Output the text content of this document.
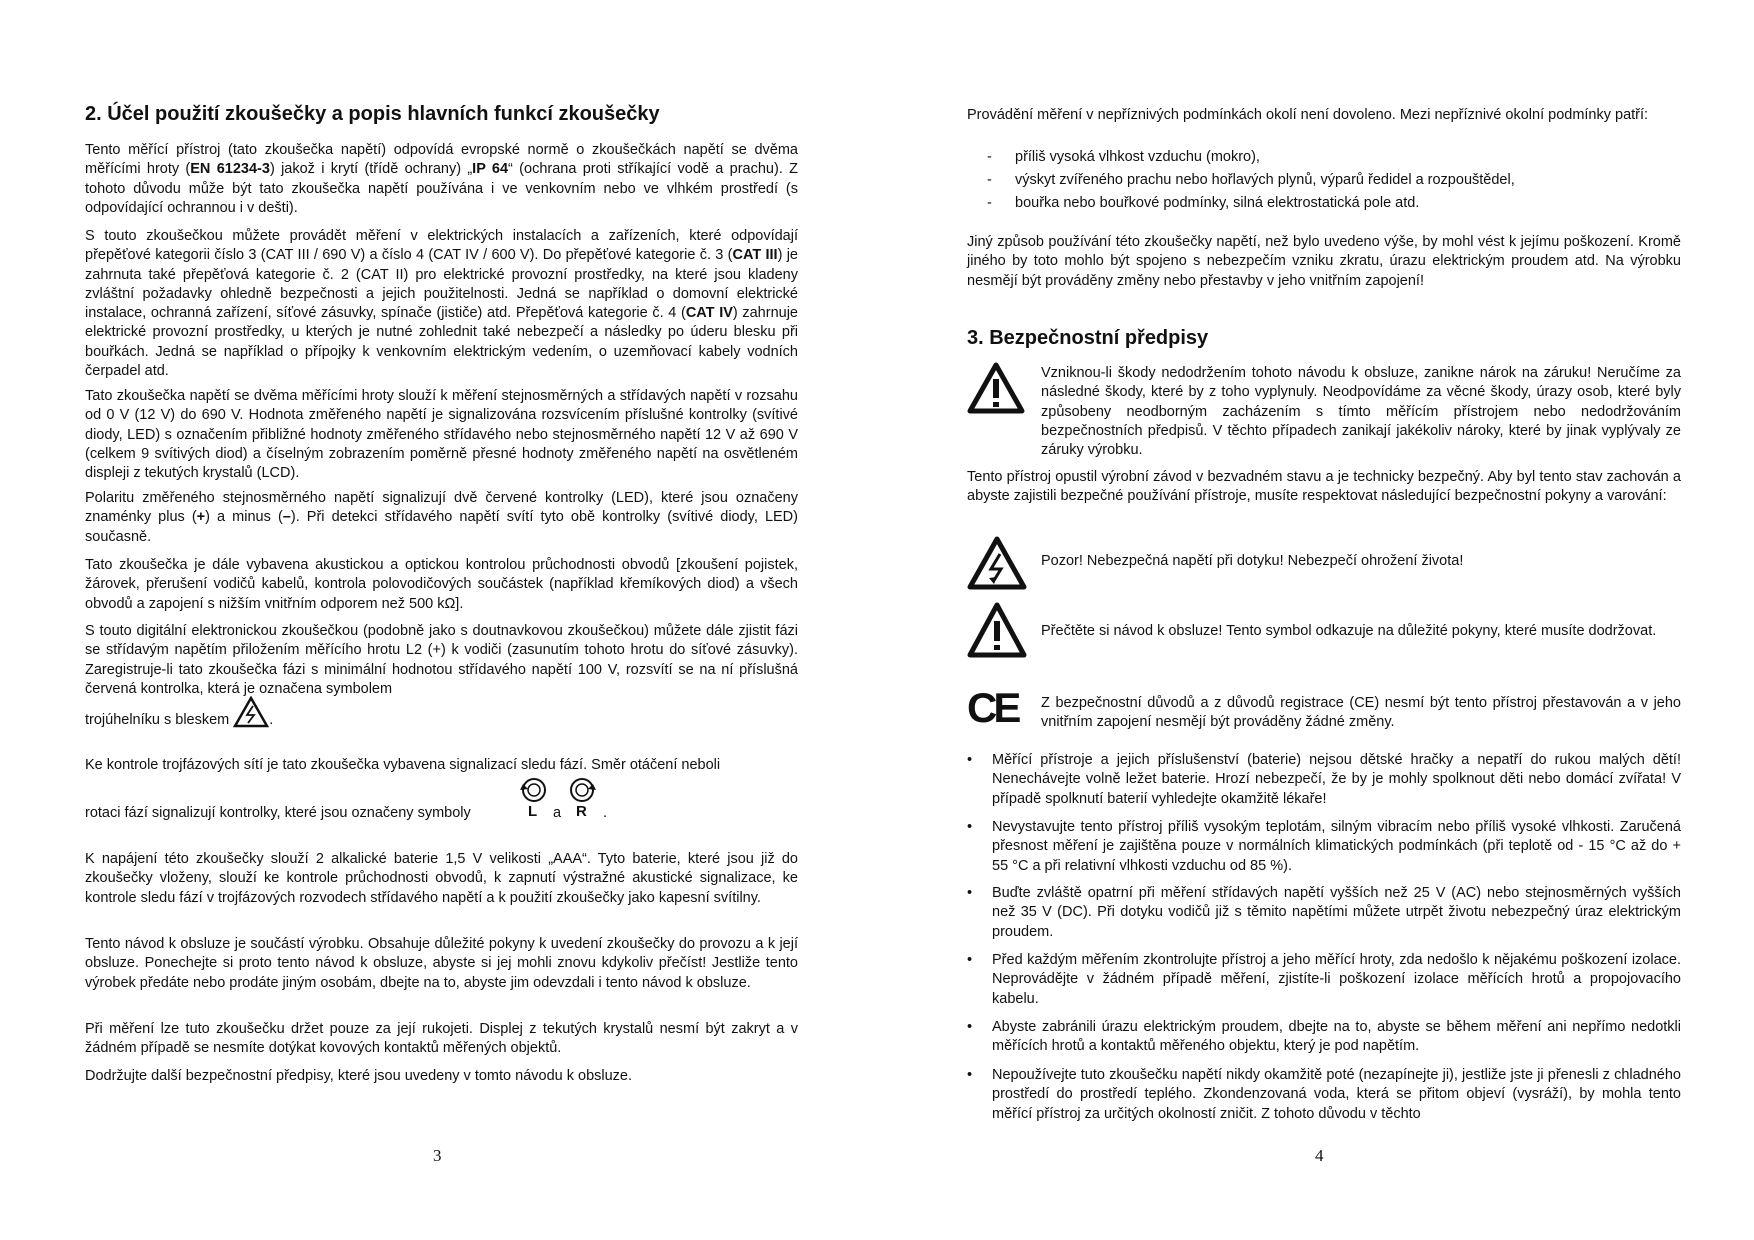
2. Účel použití zkoušečky a popis hlavních funkcí zkoušečky

Tento měřící přístroj (tato zkoušečka napětí) odpovídá evropské normě o zkoušečkách napětí se dvěma měřícími hroty (EN 61234-3) jakož i krytí (třídě ochrany) „IP 64“ (ochrana proti stříkající vodě a prachu). Z tohoto důvodu může být tato zkoušečka napětí používána i ve venkovním nebo ve vlhkém prostředí (s odpovídající ochrannou i v dešti).

S touto zkoušečkou můžete provádět měření v elektrických instalacích a zařízeních, které odpovídají přepěťové kategorii číslo 3 (CAT III / 690 V) a číslo 4 (CAT IV / 600 V). Do přepěťové kategorie č. 3 (CAT III) je zahrnuta také přepěťová kategorie č. 2 (CAT II) pro elektrické provozní prostředky, na které jsou kladeny zvláštní požadavky ohledně bezpečnosti a jejich použitelnosti. Jedná se například o domovní elektrické instalace, ochranná zařízení, síťové zásuvky, spínače (jističe) atd. Přepěťová kategorie č. 4 (CAT IV) zahrnuje elektrické provozní prostředky, u kterých je nutné zohlednit také nebezpečí a následky po úderu blesku při bouřkách. Jedná se například o přípojky k venkovním elektrickým vedením, o uzemňovací kabely vodních čerpadel atd.

Tato zkoušečka napětí se dvěma měřícími hroty slouží k měření stejnosměrných a střídavých napětí v rozsahu od 0 V (12 V) do 690 V. Hodnota změřeného napětí je signalizována rozsvícením příslušné kontrolky (svítivé diody, LED) s označením přibližné hodnoty změřeného střídavého nebo stejnosměrného napětí 12 V až 690 V (celkem 9 svítivých diod) a číselným zobrazením poměrně přesné hodnoty změřeného napětí na osvětleném displeji z tekutých krystalů (LCD).

Polaritu změřeného stejnosměrného napětí signalizují dvě červené kontrolky (LED), které jsou označeny znaménky plus (+) a minus (–). Při detekci střídavého napětí svítí tyto obě kontrolky (svítivé diody, LED) současně.

Tato zkoušečka je dále vybavena akustickou a optickou kontrolou průchodnosti obvodů [zkoušení pojistek, žárovek, přerušení vodičů kabelů, kontrola polovodičových součástek (například křemíkových diod) a všech obvodů a zapojení s nižším vnitřním odporem než 500 kΩ].

S touto digitální elektronickou zkoušečkou (podobně jako s doutnavkovou zkoušečkou) můžete dále zjistit fázi se střídavým napětím přiložením měřícího hrotu L2 (+) k vodiči (zasunutím tohoto hrotu do síťové zásuvky). Zaregistruje-li tato zkoušečka fázi s minimální hodnotou střídavého napětí 100 V, rozsvítí se na ní příslušná červená kontrolka, která je označena symbolem

trojúhelníku s bleskem	.

Ke kontrole trojfázových sítí je tato zkoušečka vybavena signalizací sledu fází. Směr otáčení neboli

rotaci fází signalizují kontrolky, které jsou označeny symboly	L a R .

K napájení této zkoušečky slouží 2 alkalické baterie 1,5 V velikosti „AAA“. Tyto baterie, které jsou již do zkoušečky vloženy, slouží ke kontrole průchodnosti obvodů, k zapnutí výstražné akustické signalizace, ke kontrole sledu fází v trojfázových rozvodech střídavého napětí a k použití zkoušečky jako kapesní svítilny.

Tento návod k obsluze je součástí výrobku. Obsahuje důležité pokyny k uvedení zkoušečky do provozu a k její obsluze. Ponechejte si proto tento návod k obsluze, abyste si jej mohli znovu kdykoliv přečíst! Jestliže tento výrobek předáte nebo prodáte jiným osobám, dbejte na to, abyste jim odevzdali i tento návod k obsluze.

Při měření lze tuto zkoušečku držet pouze za její rukojeti. Displej z tekutých krystalů nesmí být zakryt a v žádném případě se nesmíte dotýkat kovových kontaktů měřených objektů.

Dodržujte další bezpečnostní předpisy, které jsou uvedeny v tomto návodu k obsluze.

3

Provádění měření v nepříznivých podmínkách okolí není dovoleno. Mezi nepříznivé okolní podmínky patří:

- příliš vysoká vlhkost vzduchu (mokro),
- výskyt zvířeného prachu nebo hořlavých plynů, výparů ředidel a rozpouštědel,
- bouřka nebo bouřkové podmínky, silná elektrostatická pole atd.

Jiný způsob používání této zkoušečky napětí, než bylo uvedeno výše, by mohl vést k jejímu poškození. Kromě jiného by toto mohlo být spojeno s nebezpečím vzniku zkratu, úrazu elektrickým proudem atd. Na výrobku nesmějí být prováděny změny nebo přestavby v jeho vnitřním zapojení!

3. Bezpečnostní předpisy

Vzniknou-li škody nedodržením tohoto návodu k obsluze, zanikne nárok na záruku! Neručíme za následné škody, které by z toho vyplynuly. Neodpovídáme za věcné škody, úrazy osob, které byly způsobeny neodborným zacházením s tímto měřícím přístrojem nebo nedodržováním bezpečnostních předpisů. V těchto případech zanikají jakékoliv nároky, které by jinak vyplývaly ze záruky výrobku.

Tento přístroj opustil výrobní závod v bezvadném stavu a je technicky bezpečný. Aby byl tento stav zachován a abyste zajistili bezpečné používání přístroje, musíte respektovat následující bezpečnostní pokyny a varování:

Pozor! Nebezpečná napětí při dotyku! Nebezpečí ohrožení života!

Přečtěte si návod k obsluze! Tento symbol odkazuje na důležité pokyny, které musíte dodržovat.

CE Z bezpečnostní důvodů a z důvodů registrace (CE) nesmí být tento přístroj přestavován a v jeho vnitřním zapojení nesmějí být prováděny žádné změny.

• Měřící přístroje a jejich příslušenství (baterie) nejsou dětské hračky a nepatří do rukou malých dětí! Nenechávejte volně ležet baterie. Hrozí nebezpečí, že by je mohly spolknout děti nebo domácí zvířata! V případě spolknutí baterií vyhledejte okamžitě lékaře!

• Nevystavujte tento přístroj příliš vysokým teplotám, silným vibracím nebo příliš vysoké vlhkosti. Zaručená přesnost měření je zajištěna pouze v normálních klimatických podmínkách (při teplotě od - 15 °C až do + 55 °C a při relativní vlhkosti vzduchu od 85 %).

• Buďte zvláště opatrní při měření střídavých napětí vyšších než 25 V (AC) nebo stejnosměrných vyšších než 35 V (DC). Při dotyku vodičů již s těmito napětími můžete utrpět životu nebezpečný úraz elektrickým proudem.

• Před každým měřením zkontrolujte přístroj a jeho měřící hroty, zda nedošlo k nějakému poškození izolace. Neprovádějte v žádném případě měření, zjistíte-li poškození izolace měřících hrotů a propojovacího kabelu.

• Abyste zabránili úrazu elektrickým proudem, dbejte na to, abyste se během měření ani nepřímo nedotkli měřících hrotů a kontaktů měřeného objektu, který je pod napětím.

• Nepoužívejte tuto zkoušečku napětí nikdy okamžitě poté (nezapínejte ji), jestliže jste ji přenesli z chladného prostředí do prostředí teplého. Zkondenzovaná voda, která se přitom objeví (vysráží), by mohla tento měřící přístroj za určitých okolností zničit. Z tohoto důvodu v těchto

4
